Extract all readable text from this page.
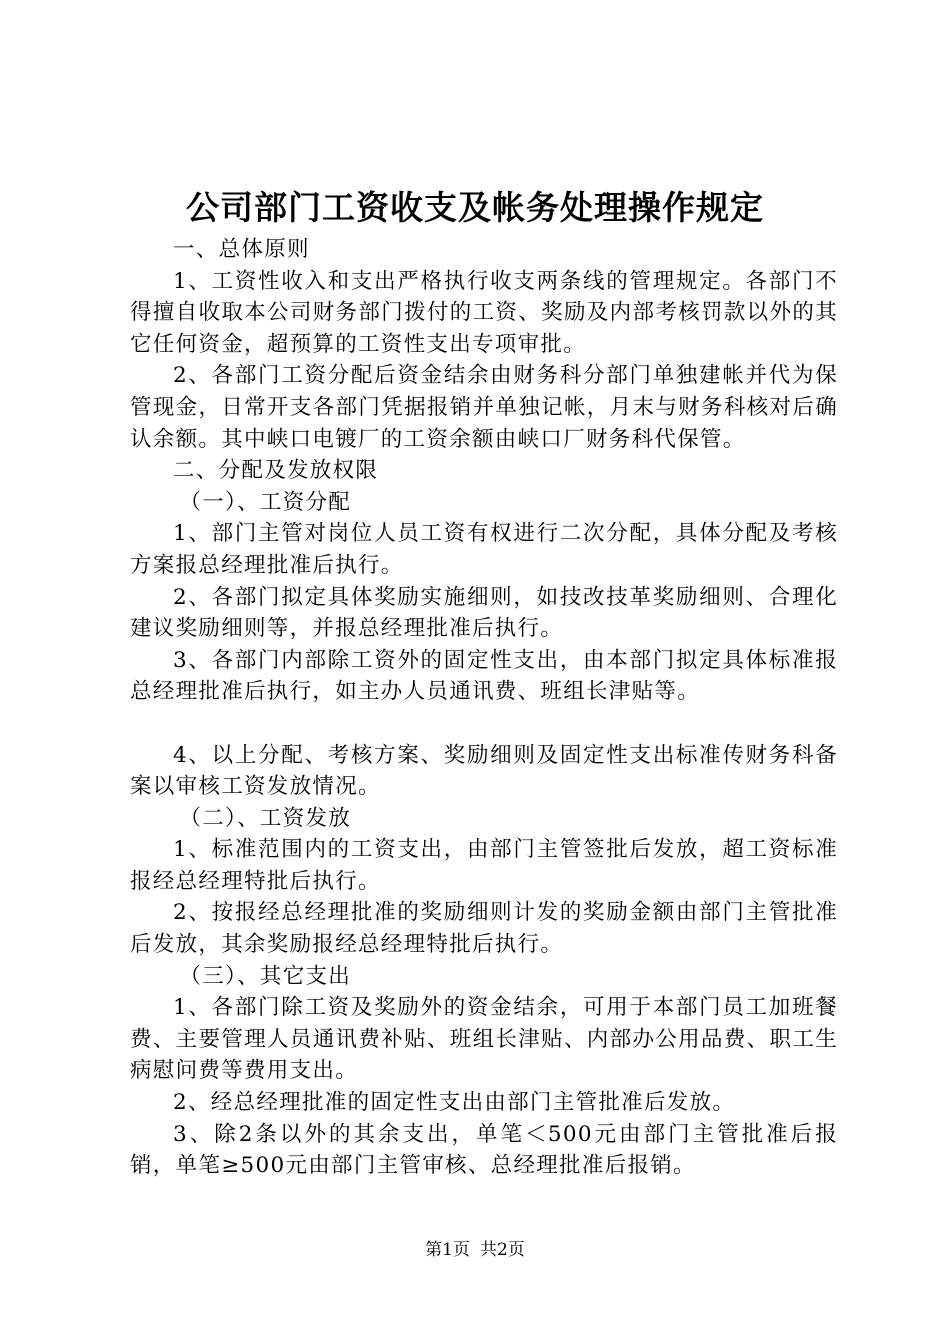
公司部门工资收支及帐务处理操作规定

一、总体原则

1、工资性收入和支出严格执行收支两条线的管理规定。各部门不得擅自收取本公司财务部门拨付的工资、奖励及内部考核罚款以外的其它任何资金，超预算的工资性支出专项审批。

2、各部门工资分配后资金结余由财务科分部门单独建帐并代为保管现金，日常开支各部门凭据报销并单独记帐，月末与财务科核对后确认余额。其中峡口电镀厂的工资余额由峡口厂财务科代保管。

二、分配及发放权限

（一）、工资分配

1、部门主管对岗位人员工资有权进行二次分配，具体分配及考核方案报总经理批准后执行。

2、各部门拟定具体奖励实施细则，如技改技革奖励细则、合理化建议奖励细则等，并报总经理批准后执行。

3、各部门内部除工资外的固定性支出，由本部门拟定具体标准报总经理批准后执行，如主办人员通讯费、班组长津贴等。

4、以上分配、考核方案、奖励细则及固定性支出标准传财务科备案以审核工资发放情况。

（二）、工资发放

1、标准范围内的工资支出，由部门主管签批后发放，超工资标准报经总经理特批后执行。

2、按报经总经理批准的奖励细则计发的奖励金额由部门主管批准后发放，其余奖励报经总经理特批后执行。

（三）、其它支出

1、各部门除工资及奖励外的资金结余，可用于本部门员工加班餐费、主要管理人员通讯费补贴、班组长津贴、内部办公用品费、职工生病慰问费等费用支出。

2、经总经理批准的固定性支出由部门主管批准后发放。

3、除2条以外的其余支出，单笔＜500元由部门主管批准后报销，单笔≥500元由部门主管审核、总经理批准后报销。

第1页 共2页
